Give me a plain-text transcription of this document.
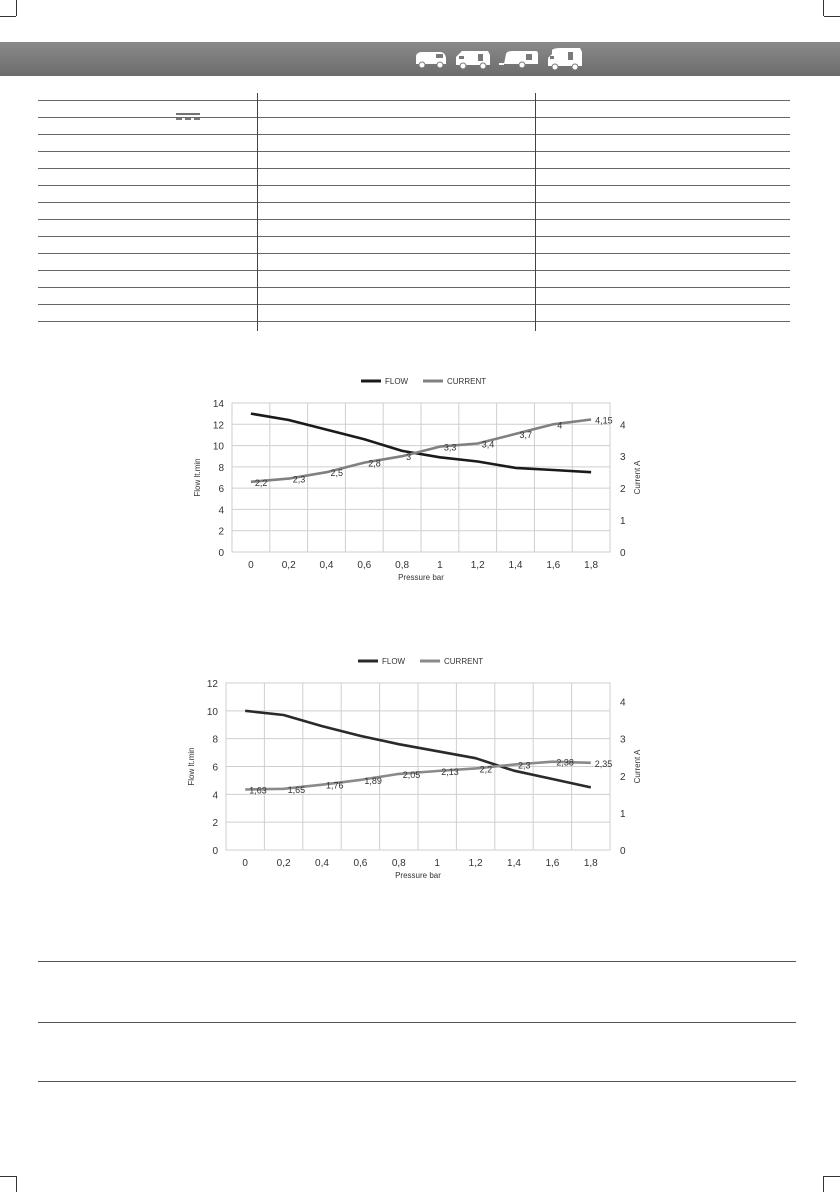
0
2
4
6
8
10
12
14
0	0,2 0,4 0,6 0,8	1	1,2 1,4 1,6 1,8
0
1
2
3
4
Pressure bar
Flow lt.min	Current A
FLOW	CURRENT
2,2	2,3
2,5
2,8
3
3,3	3,4
3,7
4	4,15
0
2
4
6
8
10
12
0	0,2 0,4 0,6 0,8	1	1,2 1,4 1,6 1,8
0
1
2
3
4
Pressure bar
Flow lt.min	Current A
FLOW	CURRENT
1,63 1,65 1,76 1,89
2,05 2,13 2,2	2,3	2,38 2,35
